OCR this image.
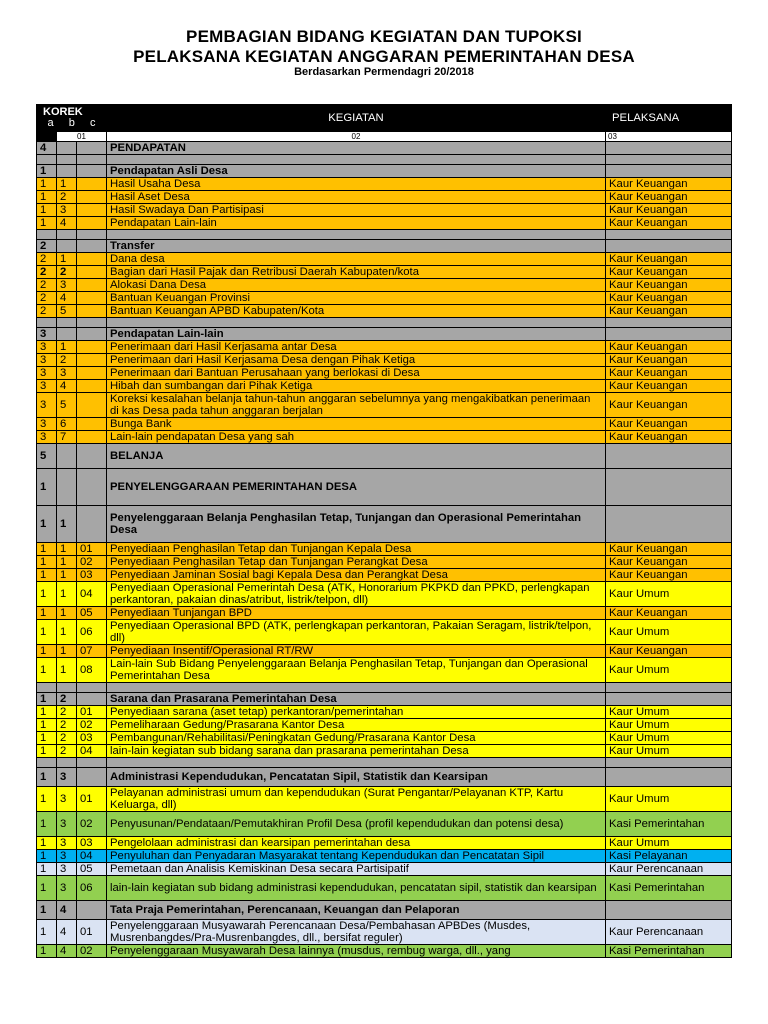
PEMBAGIAN BIDANG KEGIATAN DAN TUPOKSI
PELAKSANA KEGIATAN ANGGARAN PEMERINTAHAN DESA
Berdasarkan Permendagri 20/2018
KOREK
a b c			KEGIATAN	PELAKSANA
	01		02	03
4			PENDAPATAN	

1			Pendapatan Asli Desa	
1	1		Hasil Usaha Desa	Kaur Keuangan
1	2		Hasil Aset Desa	Kaur Keuangan
1	3		Hasil Swadaya Dan Partisipasi	Kaur Keuangan
1	4		Pendapatan Lain-lain	Kaur Keuangan

2			Transfer	
2	1		Dana desa	Kaur Keuangan
2	2		Bagian dari Hasil Pajak dan Retribusi Daerah Kabupaten/kota	Kaur Keuangan
2	3		Alokasi Dana Desa	Kaur Keuangan
2	4		Bantuan Keuangan Provinsi	Kaur Keuangan
2	5		Bantuan Keuangan APBD Kabupaten/Kota	Kaur Keuangan

3			Pendapatan Lain-lain	
3	1		Penerimaan dari Hasil Kerjasama antar Desa	Kaur Keuangan
3	2		Penerimaan dari Hasil Kerjasama Desa dengan Pihak Ketiga	Kaur Keuangan
3	3		Penerimaan dari Bantuan Perusahaan yang berlokasi di Desa	Kaur Keuangan
3	4		Hibah dan sumbangan dari Pihak Ketiga	Kaur Keuangan
3	5		Koreksi kesalahan belanja tahun-tahun anggaran sebelumnya yang mengakibatkan penerimaan di kas Desa pada tahun anggaran berjalan	Kaur Keuangan
3	6		Bunga Bank	Kaur Keuangan
3	7		Lain-lain pendapatan Desa yang sah	Kaur Keuangan
5			BELANJA	
1			PENYELENGGARAAN PEMERINTAHAN DESA	
1	1		Penyelenggaraan Belanja Penghasilan Tetap, Tunjangan dan Operasional Pemerintahan Desa	
1	1	01	Penyediaan Penghasilan Tetap dan Tunjangan Kepala Desa	Kaur Keuangan
1	1	02	Penyediaan Penghasilan Tetap dan Tunjangan Perangkat Desa	Kaur Keuangan
1	1	03	Penyediaan Jaminan Sosial bagi Kepala Desa dan Perangkat Desa	Kaur Keuangan
1	1	04	Penyediaan Operasional Pemerintah Desa (ATK, Honorarium PKPKD dan PPKD, perlengkapan perkantoran, pakaian dinas/atribut, listrik/telpon, dll)	Kaur Umum
1	1	05	Penyediaan Tunjangan BPD	Kaur Keuangan
1	1	06	Penyediaan Operasional BPD (ATK, perlengkapan perkantoran, Pakaian Seragam, listrik/telpon, dll)	Kaur Umum
1	1	07	Penyediaan Insentif/Operasional RT/RW	Kaur Keuangan
1	1	08	Lain-lain Sub Bidang Penyelenggaraan Belanja Penghasilan Tetap, Tunjangan dan Operasional Pemerintahan Desa	Kaur Umum

1	2		Sarana dan Prasarana Pemerintahan Desa	
1	2	01	Penyediaan sarana (aset tetap) perkantoran/pemerintahan	Kaur Umum
1	2	02	Pemeliharaan Gedung/Prasarana Kantor Desa	Kaur Umum
1	2	03	Pembangunan/Rehabilitasi/Peningkatan Gedung/Prasarana Kantor Desa	Kaur Umum
1	2	04	lain-lain kegiatan sub bidang sarana dan prasarana pemerintahan Desa	Kaur Umum

1	3		Administrasi Kependudukan, Pencatatan Sipil, Statistik dan Kearsipan	
1	3	01	Pelayanan administrasi umum dan kependudukan (Surat Pengantar/Pelayanan KTP, Kartu Keluarga, dll)	Kaur Umum
1	3	02	Penyusunan/Pendataan/Pemutakhiran Profil Desa (profil kependudukan dan potensi desa)	Kasi Pemerintahan
1	3	03	Pengelolaan administrasi dan kearsipan pemerintahan desa	Kaur Umum
1	3	04	Penyuluhan dan Penyadaran Masyarakat tentang Kependudukan dan Pencatatan Sipil	Kasi Pelayanan
1	3	05	Pemetaan dan Analisis Kemiskinan Desa secara Partisipatif	Kaur Perencanaan
1	3	06	lain-lain kegiatan sub bidang administrasi kependudukan, pencatatan sipil, statistik dan kearsipan	Kasi Pemerintahan
1	4		Tata Praja Pemerintahan, Perencanaan, Keuangan dan Pelaporan	
1	4	01	Penyelenggaraan Musyawarah Perencanaan Desa/Pembahasan APBDes (Musdes, Musrenbangdes/Pra-Musrenbangdes, dll., bersifat reguler)	Kaur Perencanaan
1	4	02	Penyelenggaraan Musyawarah Desa lainnya (musdus, rembug warga, dll., yang	Kasi Pemerintahan
